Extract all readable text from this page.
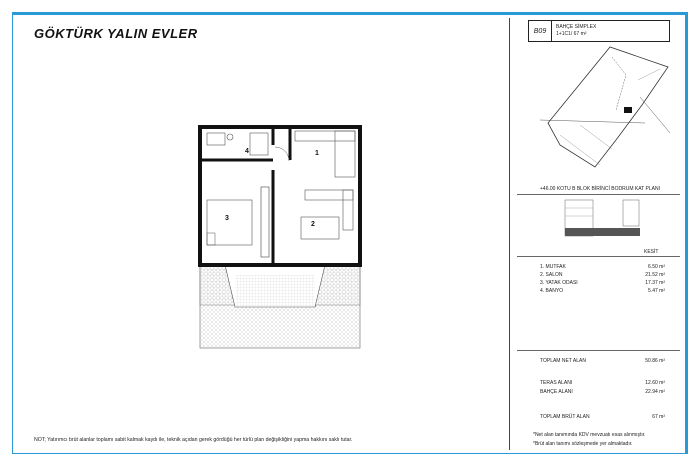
GÖKTÜRK YALIN EVLER
1
2
3
4
B09
BAHÇE SİMPLEX
1+1C1/ 67 m²
+46.00 KOTU B BLOK BİRİNCİ BODRUM KAT PLANI
KESİT
1. MUTFAK	6.50 m²
2. SALON	21.52 m²
3. YATAK ODASI	17.37 m²
4. BANYO	5.47 m²
TOPLAM NET ALAN	50.86 m²
TERAS ALANI	12.60 m²
BAHÇE ALANI	22.94 m²
TOPLAM BRÜT ALAN	67 m²
*Net alan tanımında KDV mevzuatı esas alınmıştır.
*Brüt alan tanımı sözleşmede yer almaktadır.
NOT; Yatırımcı brüt alanlar toplamı sabit kalmak kaydı ile, teknik açıdan gerek gördüğü her türlü plan değişikliğini yapma hakkını saklı tutar.
